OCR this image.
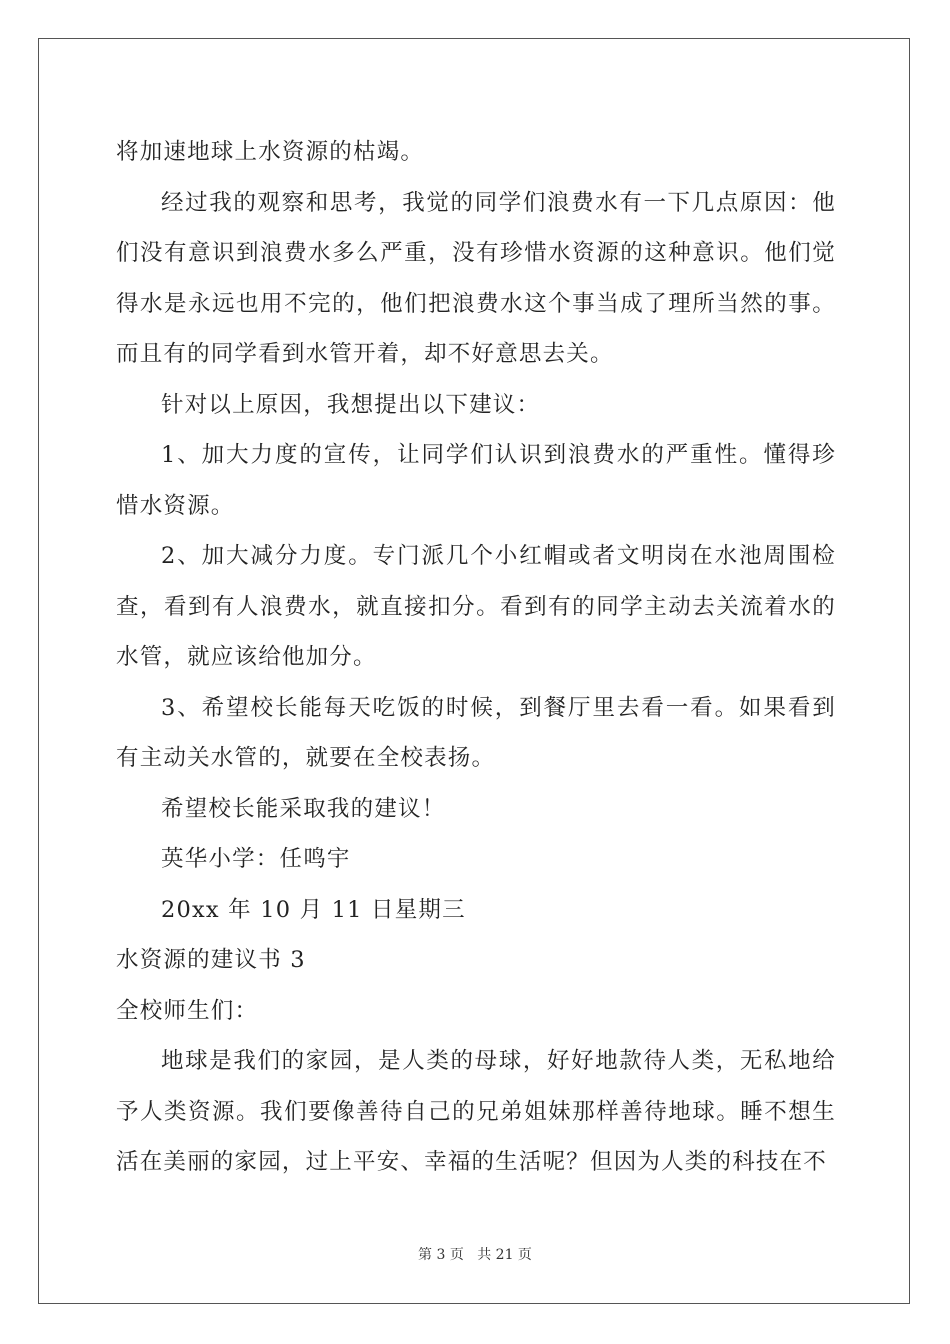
将加速地球上水资源的枯竭。

经过我的观察和思考，我觉的同学们浪费水有一下几点原因：他们没有意识到浪费水多么严重，没有珍惜水资源的这种意识。他们觉得水是永远也用不完的，他们把浪费水这个事当成了理所当然的事。而且有的同学看到水管开着，却不好意思去关。

针对以上原因，我想提出以下建议：

1、加大力度的宣传，让同学们认识到浪费水的严重性。懂得珍惜水资源。

2、加大减分力度。专门派几个小红帽或者文明岗在水池周围检查，看到有人浪费水，就直接扣分。看到有的同学主动去关流着水的水管，就应该给他加分。

3、希望校长能每天吃饭的时候，到餐厅里去看一看。如果看到有主动关水管的，就要在全校表扬。

希望校长能采取我的建议！

英华小学：任鸣宇

20xx 年 10 月 11 日星期三

水资源的建议书 3

全校师生们：

地球是我们的家园，是人类的母球，好好地款待人类，无私地给予人类资源。我们要像善待自己的兄弟姐妹那样善待地球。睡不想生活在美丽的家园，过上平安、幸福的生活呢？但因为人类的科技在不

第 3 页 共 21 页
